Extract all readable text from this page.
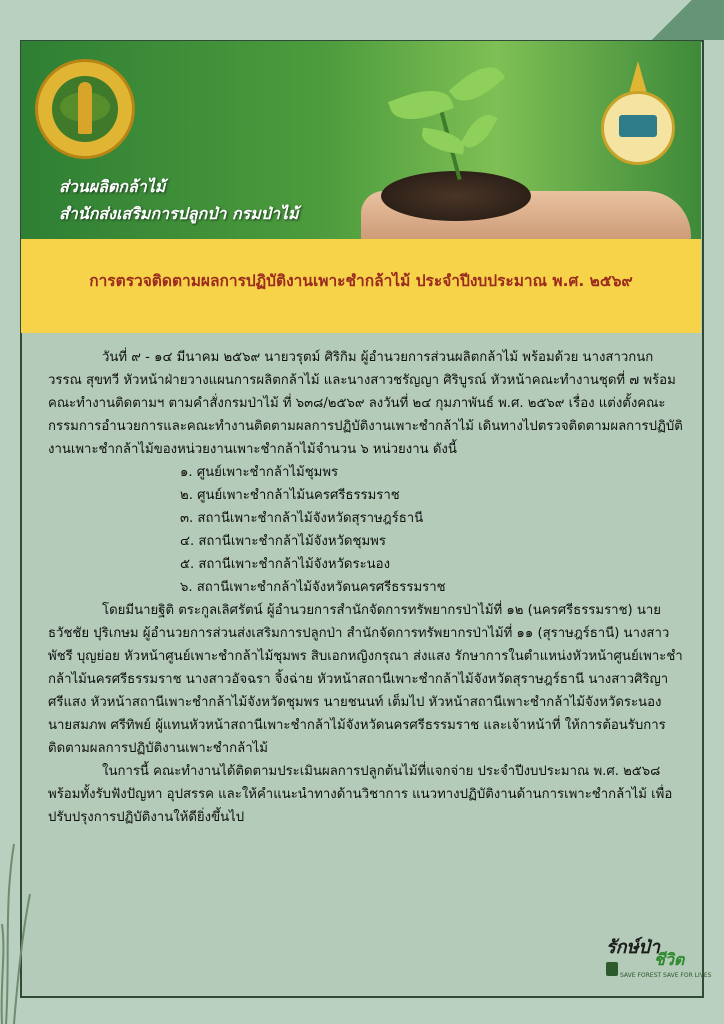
ส่วนผลิตกล้าไม้
สำนักส่งเสริมการปลูกป่า กรมป่าไม้
การตรวจติดตามผลการปฏิบัติงานเพาะชำกล้าไม้ ประจำปีงบประมาณ พ.ศ. ๒๕๖๙

วันที่ ๙ - ๑๔ มีนาคม ๒๕๖๙ นายวรุตม์ ศิริกิม ผู้อำนวยการส่วนผลิตกล้าไม้ พร้อมด้วย นางสาวกนกวรรณ สุขทวี หัวหน้าฝ่ายวางแผนการผลิตกล้าไม้ และนางสาวชรัญญา ศิริบูรณ์ หัวหน้าคณะทำงานชุดที่ ๗ พร้อมคณะทำงานติดตามฯ ตามคำสั่งกรมป่าไม้ ที่ ๖๓๘/๒๕๖๙ ลงวันที่ ๒๔ กุมภาพันธ์ พ.ศ. ๒๕๖๙ เรื่อง แต่งตั้งคณะกรรมการอำนวยการและคณะทำงานติดตามผลการปฏิบัติงานเพาะชำกล้าไม้ เดินทางไปตรวจติดตามผลการปฏิบัติงานเพาะชำกล้าไม้ของหน่วยงานเพาะชำกล้าไม้จำนวน ๖ หน่วยงาน ดังนี้

๑. ศูนย์เพาะชำกล้าไม้ชุมพร
๒. ศูนย์เพาะชำกล้าไม้นครศรีธรรมราช
๓. สถานีเพาะชำกล้าไม้จังหวัดสุราษฎร์ธานี
๔. สถานีเพาะชำกล้าไม้จังหวัดชุมพร
๕. สถานีเพาะชำกล้าไม้จังหวัดระนอง
๖. สถานีเพาะชำกล้าไม้จังหวัดนครศรีธรรมราช

โดยมีนายฐิติ ตระกูลเลิศรัตน์ ผู้อำนวยการสำนักจัดการทรัพยากรป่าไม้ที่ ๑๒ (นครศรีธรรมราช) นายธวัชชัย ปุริเกษม ผู้อำนวยการส่วนส่งเสริมการปลูกป่า สำนักจัดการทรัพยากรป่าไม้ที่ ๑๑ (สุราษฎร์ธานี) นางสาวพัชรี บุญย่อย หัวหน้าศูนย์เพาะชำกล้าไม้ชุมพร สิบเอกหญิงกรุณา ส่งแสง รักษาการในตำแหน่งหัวหน้าศูนย์เพาะชำกล้าไม้นครศรีธรรมราช นางสาวอัจฉรา จิ้งฉ่าย หัวหน้าสถานีเพาะชำกล้าไม้จังหวัดสุราษฎร์ธานี นางสาวศิริญา ศรีแสง หัวหน้าสถานีเพาะชำกล้าไม้จังหวัดชุมพร นายชนนท์ เต็มไป หัวหน้าสถานีเพาะชำกล้าไม้จังหวัดระนอง นายสมภพ ศรีทิพย์ ผู้แทนหัวหน้าสถานีเพาะชำกล้าไม้จังหวัดนครศรีธรรมราช และเจ้าหน้าที่ ให้การต้อนรับการติดตามผลการปฏิบัติงานเพาะชำกล้าไม้

ในการนี้ คณะทำงานได้ติดตามประเมินผลการปลูกต้นไม้ที่แจกจ่าย ประจำปีงบประมาณ พ.ศ. ๒๕๖๘ พร้อมทั้งรับฟังปัญหา อุปสรรค และให้คำแนะนำทางด้านวิชาการ แนวทางปฏิบัติงานด้านการเพาะชำกล้าไม้ เพื่อปรับปรุงการปฏิบัติงานให้ดียิ่งขึ้นไป

รักษ์ป่า
ชีวิต
SAVE FOREST SAVE FOR LIVES
